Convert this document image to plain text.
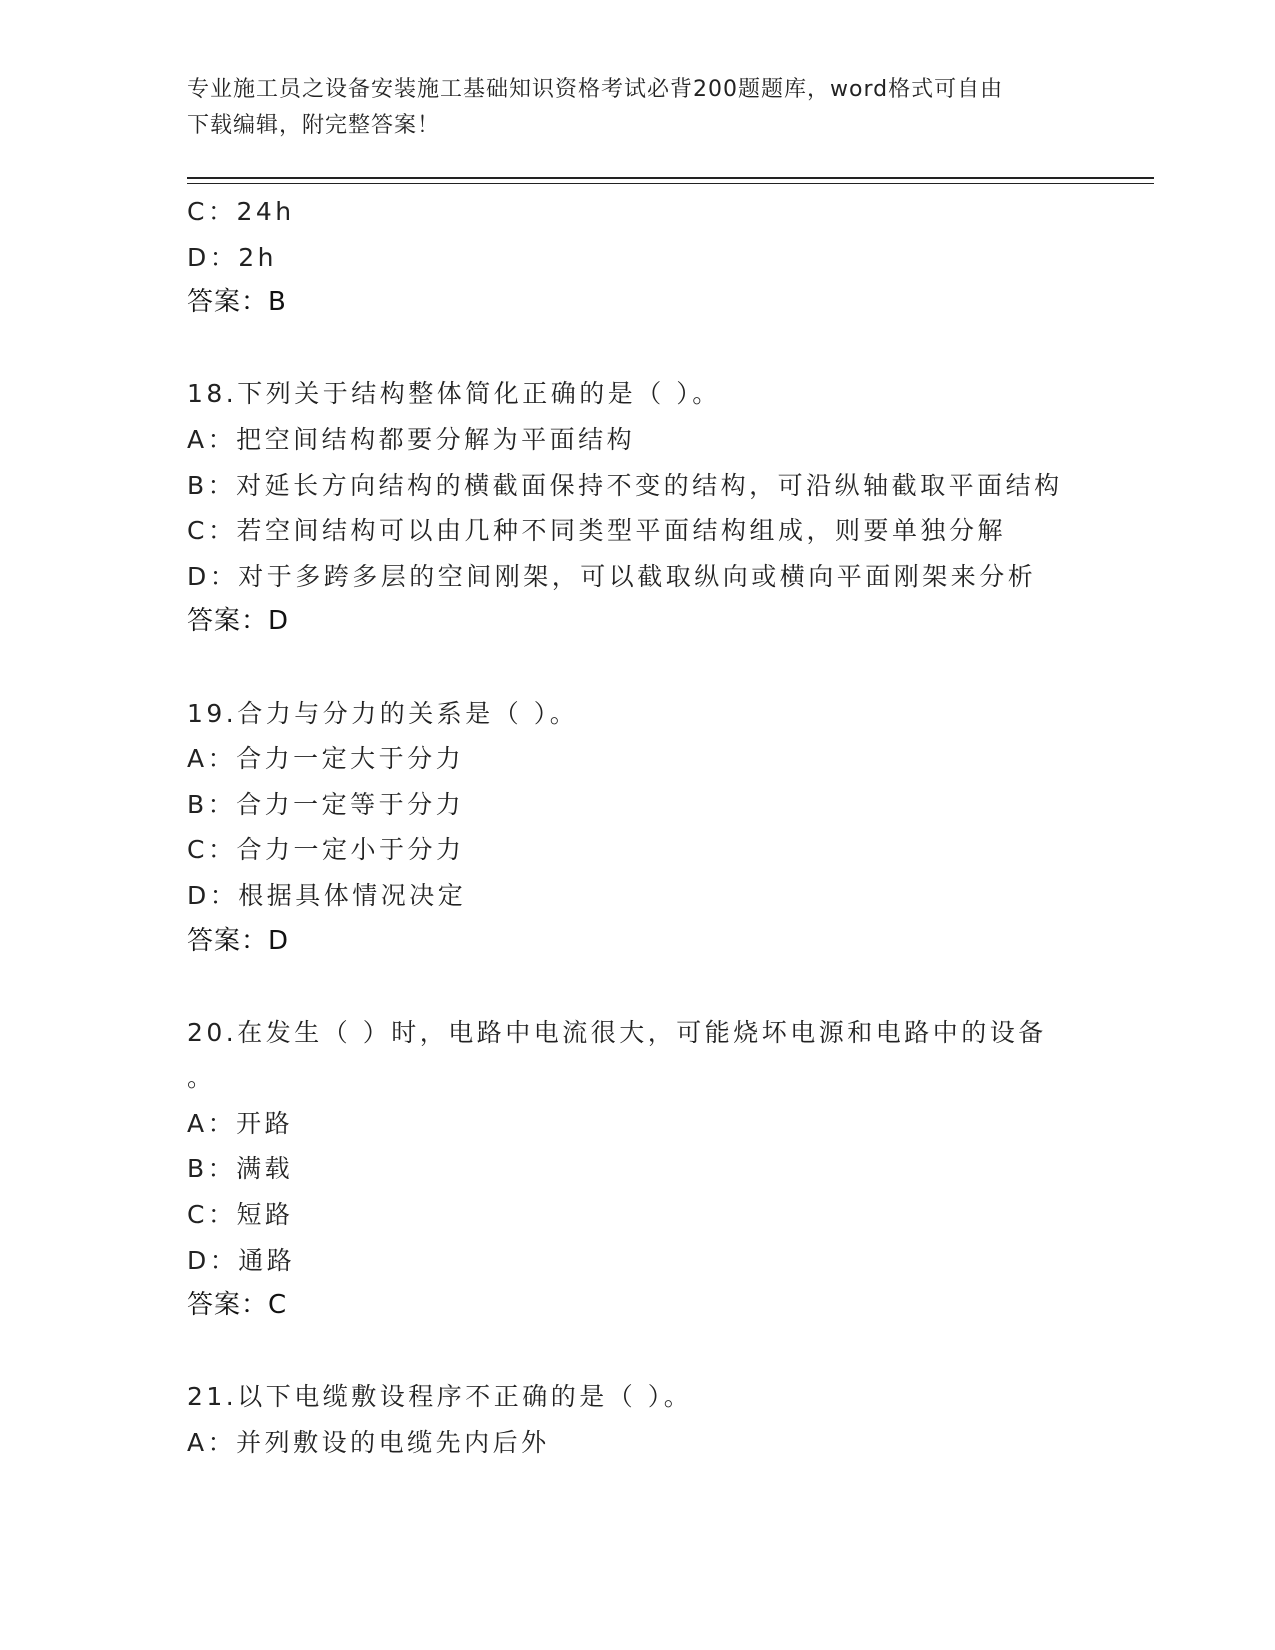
专业施工员之设备安装施工基础知识资格考试必背200题题库，word格式可自由
下载编辑，附完整答案！
C：24h
D：2h
答案：B
18.下列关于结构整体简化正确的是（ ）。
A：把空间结构都要分解为平面结构
B：对延长方向结构的横截面保持不变的结构，可沿纵轴截取平面结构
C：若空间结构可以由几种不同类型平面结构组成，则要单独分解
D：对于多跨多层的空间刚架，可以截取纵向或横向平面刚架来分析
答案：D
19.合力与分力的关系是（ ）。
A：合力一定大于分力
B：合力一定等于分力
C：合力一定小于分力
D：根据具体情况决定
答案：D
20.在发生（ ）时，电路中电流很大，可能烧坏电源和电路中的设备
。
A：开路
B：满载
C：短路
D：通路
答案：C
21.以下电缆敷设程序不正确的是（ ）。
A：并列敷设的电缆先内后外
